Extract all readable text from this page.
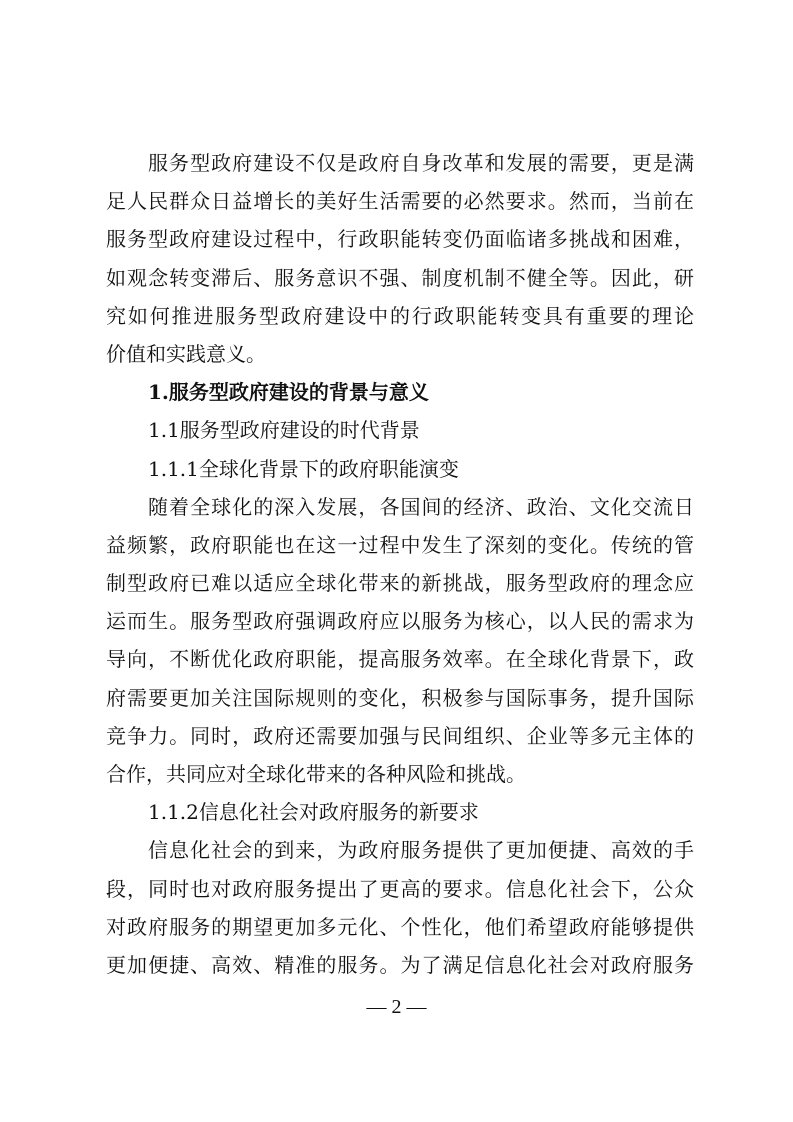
服务型政府建设不仅是政府自身改革和发展的需要，更是满
足人民群众日益增长的美好生活需要的必然要求。然而，当前在
服务型政府建设过程中，行政职能转变仍面临诸多挑战和困难，
如观念转变滞后、服务意识不强、制度机制不健全等。因此，研
究如何推进服务型政府建设中的行政职能转变具有重要的理论
价值和实践意义。
1.服务型政府建设的背景与意义
1.1服务型政府建设的时代背景
1.1.1全球化背景下的政府职能演变
随着全球化的深入发展，各国间的经济、政治、文化交流日
益频繁，政府职能也在这一过程中发生了深刻的变化。传统的管
制型政府已难以适应全球化带来的新挑战，服务型政府的理念应
运而生。服务型政府强调政府应以服务为核心，以人民的需求为
导向，不断优化政府职能，提高服务效率。在全球化背景下，政
府需要更加关注国际规则的变化，积极参与国际事务，提升国际
竞争力。同时，政府还需要加强与民间组织、企业等多元主体的
合作，共同应对全球化带来的各种风险和挑战。
1.1.2信息化社会对政府服务的新要求
信息化社会的到来，为政府服务提供了更加便捷、高效的手
段，同时也对政府服务提出了更高的要求。信息化社会下，公众
对政府服务的期望更加多元化、个性化，他们希望政府能够提供
更加便捷、高效、精准的服务。为了满足信息化社会对政府服务
— 2 —
